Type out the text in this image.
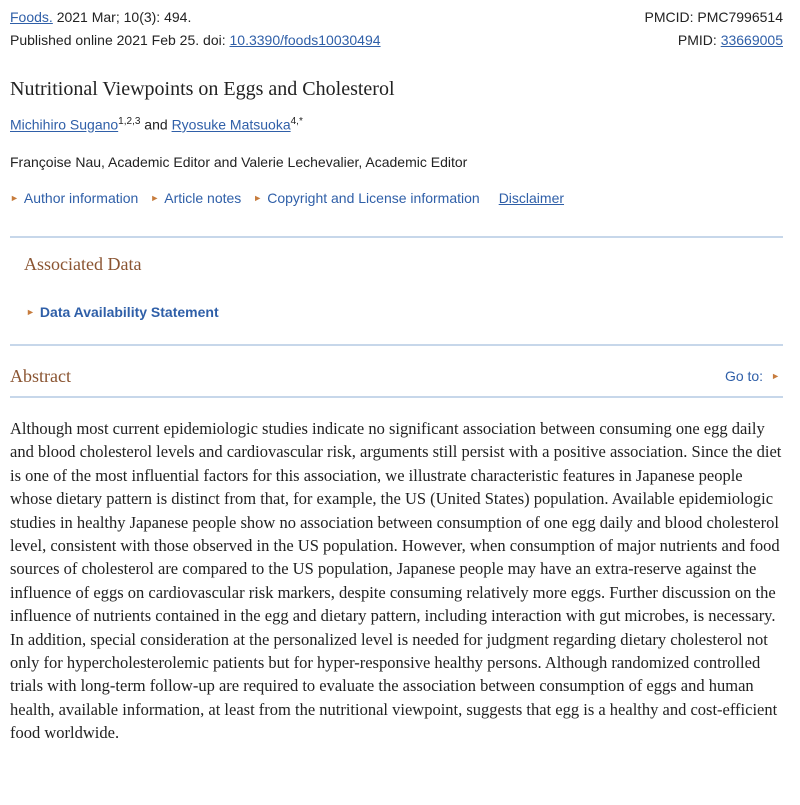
Foods. 2021 Mar; 10(3): 494.	PMCID: PMC7996514
Published online 2021 Feb 25. doi: 10.3390/foods10030494	PMID: 33669005
Nutritional Viewpoints on Eggs and Cholesterol
Michihiro Sugano$^{1,2,3}$ and Ryosuke Matsuoka$^{4,*}$
Françoise Nau, Academic Editor and Valerie Lechevalier, Academic Editor
► Author information ► Article notes ► Copyright and License information Disclaimer
Associated Data
► Data Availability Statement
Abstract	Go to: ►

Although most current epidemiologic studies indicate no significant association between consuming one egg daily and blood cholesterol levels and cardiovascular risk, arguments still persist with a positive association. Since the diet is one of the most influential factors for this association, we illustrate characteristic features in Japanese people whose dietary pattern is distinct from that, for example, the US (United States) population. Available epidemiologic studies in healthy Japanese people show no association between consumption of one egg daily and blood cholesterol level, consistent with those observed in the US population. However, when consumption of major nutrients and food sources of cholesterol are compared to the US population, Japanese people may have an extra-reserve against the influence of eggs on cardiovascular risk markers, despite consuming relatively more eggs. Further discussion on the influence of nutrients contained in the egg and dietary pattern, including interaction with gut microbes, is necessary. In addition, special consideration at the personalized level is needed for judgment regarding dietary cholesterol not only for hypercholesterolemic patients but for hyper-responsive healthy persons. Although randomized controlled trials with long-term follow-up are required to evaluate the association between consumption of eggs and human health, available information, at least from the nutritional viewpoint, suggests that egg is a healthy and cost-efficient food worldwide.
